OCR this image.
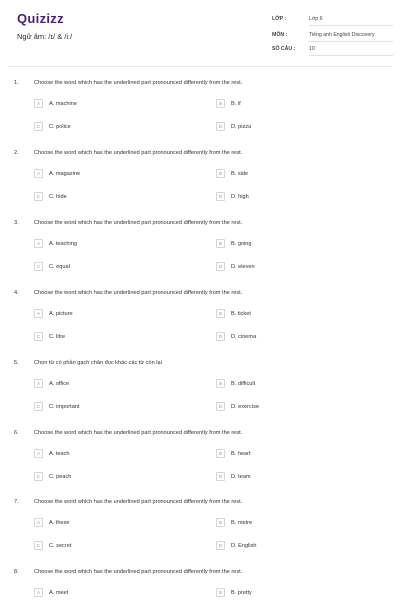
Quizizz
Ngữ âm: /ɪ/ & /iː/
LỚP :	Lớp 6
MÔN :	Tiếng anh English Discovery
SỐ CÂU :	10
1.	Choose the word which has the underlined part pronounced differently from the rest.
A	A. machine	B	B. if
C	C. police	D	D. pizza
2.	Choose the word which has the underlined part pronounced differently from the rest.
A	A. magazine	B	B. side
C	C. hide	D	D. high
3.	Choose the word which has the underlined part pronounced differently from the rest.
A	A. teaching	B	B. going
C	C. equal	D	D. eleven
4.	Choose the word which has the underlined part pronounced differently from the rest.
A	A. picture	B	B. ticket
C	C. litre	D	D. cinema
5.	Chọn từ có phần gạch chân đọc khác các từ còn lại
A	A. office	B	B. difficult
C	C. important	D	D. exercise
6.	Choose the word which has the underlined part pronounced differently from the rest.
A	A. teach	B	B. heart
C	C. peach	D	D. team
7.	Choose the word which has the underlined part pronounced differently from the rest.
A	A. these	B	B. metre
C	C. secret	D	D. English
8.	Choose the word which has the underlined part pronounced differently from the rest.
A	A. meet	B	B. pretty
